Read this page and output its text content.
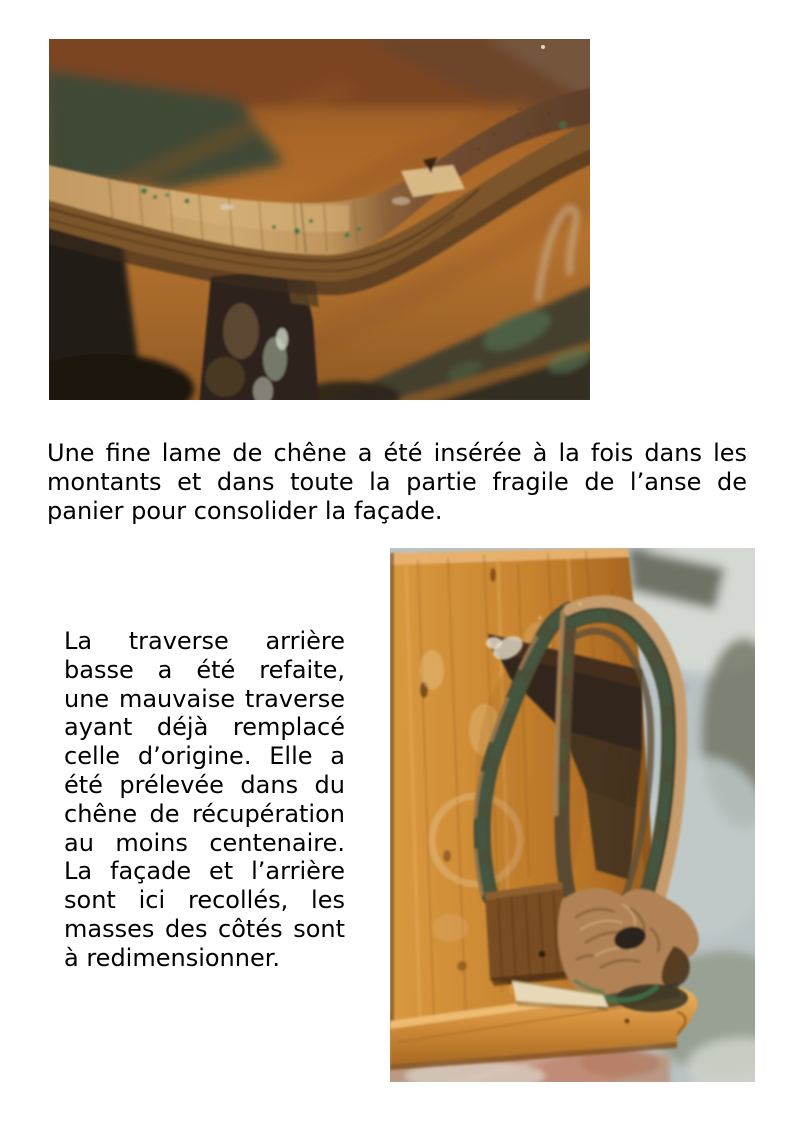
Une fine lame de chêne a été insérée à la fois dans les montants et dans toute la partie fragile de l’anse de panier pour consolider la façade.

La traverse arrière basse a été refaite, une mauvaise traverse ayant déjà remplacé celle d’origine. Elle a été prélevée dans du chêne de récupération au moins centenaire. La façade et l’arrière sont ici recollés, les masses des côtés sont à redimensionner.
